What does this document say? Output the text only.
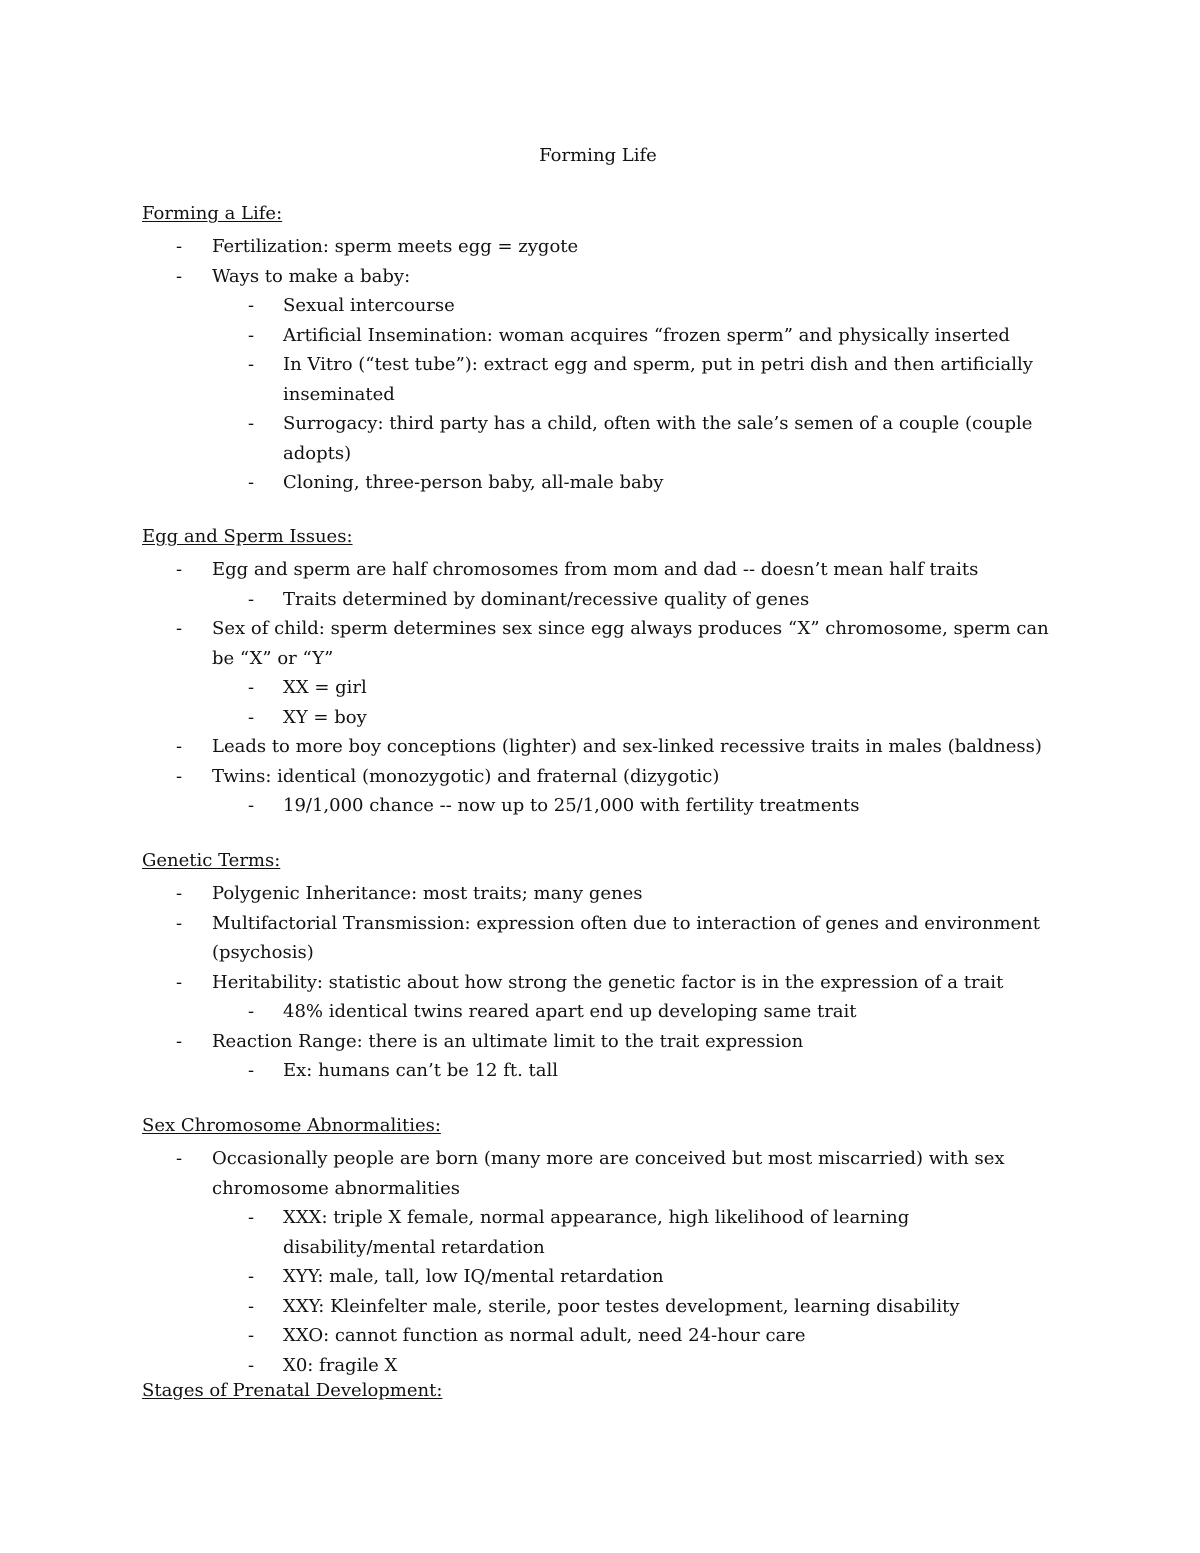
Forming Life
Forming a Life:
- Fertilization: sperm meets egg = zygote
- Ways to make a baby:
- Sexual intercourse
- Artificial Insemination: woman acquires “frozen sperm” and physically inserted
- In Vitro (“test tube”): extract egg and sperm, put in petri dish and then artificially
inseminated
- Surrogacy: third party has a child, often with the sale’s semen of a couple (couple
adopts)
- Cloning, three-person baby, all-male baby
Egg and Sperm Issues:
- Egg and sperm are half chromosomes from mom and dad -- doesn’t mean half traits
- Traits determined by dominant/recessive quality of genes
- Sex of child: sperm determines sex since egg always produces “X” chromosome, sperm can
be “X” or “Y”
- XX = girl
- XY = boy
- Leads to more boy conceptions (lighter) and sex-linked recessive traits in males (baldness)
- Twins: identical (monozygotic) and fraternal (dizygotic)
- 19/1,000 chance -- now up to 25/1,000 with fertility treatments
Genetic Terms:
- Polygenic Inheritance: most traits; many genes
- Multifactorial Transmission: expression often due to interaction of genes and environment
(psychosis)
- Heritability: statistic about how strong the genetic factor is in the expression of a trait
- 48% identical twins reared apart end up developing same trait
- Reaction Range: there is an ultimate limit to the trait expression
- Ex: humans can’t be 12 ft. tall
Sex Chromosome Abnormalities:
- Occasionally people are born (many more are conceived but most miscarried) with sex
chromosome abnormalities
- XXX: triple X female, normal appearance, high likelihood of learning
disability/mental retardation
- XYY: male, tall, low IQ/mental retardation
- XXY: Kleinfelter male, sterile, poor testes development, learning disability
- XXO: cannot function as normal adult, need 24-hour care
- X0: fragile X
Stages of Prenatal Development:
